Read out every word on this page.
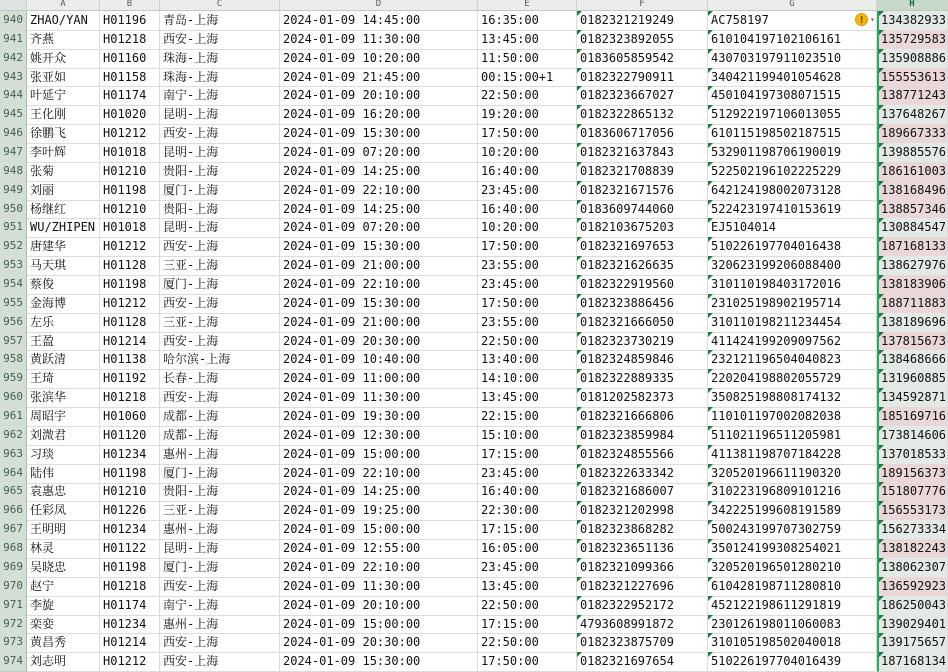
A	B	C	D	E	F	G	H
940 ZHAO/YAN	H01196	青岛-上海	2024-01-09 14:45:00	16:35:00	0182321219249	AC758197	! ▾ 134382933
941 齐燕	H01218	西安-上海	2024-01-09 11:30:00	13:45:00	0182323892055	610104197102106161	135729583
942 姚开众	H01160	珠海-上海	2024-01-09 10:20:00	11:50:00	0183605859542	430703197911023510	135908886
943 张亚如	H01158	珠海-上海	2024-01-09 21:45:00	00:15:00+1	0182322790911	340421199401054628	155553613
944 叶延宁	H01174	南宁-上海	2024-01-09 20:10:00	22:50:00	0182323667027	450104197308071515	138771243
945 王化刚	H01020	昆明-上海	2024-01-09 16:20:00	19:20:00	0182322865132	512922197106013055	137648267
946 徐鹏飞	H01212	西安-上海	2024-01-09 15:30:00	17:50:00	0183606717056	610115198502187515	189667333
947 李叶辉	H01018	昆明-上海	2024-01-09 07:20:00	10:20:00	0182321637843	532901198706190019	139885576
948 张菊	H01210	贵阳-上海	2024-01-09 14:25:00	16:40:00	0182321708839	522502196102225229	186161003
949 刘丽	H01198	厦门-上海	2024-01-09 22:10:00	23:45:00	0182321671576	642124198002073128	138168496
950 杨继红	H01210	贵阳-上海	2024-01-09 14:25:00	16:40:00	0183609744060	522423197410153619	138857346
951 WU/ZHIPEN H01018	昆明-上海	2024-01-09 07:20:00	10:20:00	0182103675203	EJ5104014	130884547
952 唐建华	H01212	西安-上海	2024-01-09 15:30:00	17:50:00	0182321697653	510226197704016438	187168133
953 马天琪	H01128	三亚-上海	2024-01-09 21:00:00	23:55:00	0182321626635	320623199206088400	138627976
954 蔡俊	H01198	厦门-上海	2024-01-09 22:10:00	23:45:00	0182322919560	310110198403172016	138183906
955 金海博	H01212	西安-上海	2024-01-09 15:30:00	17:50:00	0182323886456	231025198902195714	188711883
956 左乐	H01128	三亚-上海	2024-01-09 21:00:00	23:55:00	0182321666050	310110198211234454	138189696
957 王盈	H01214	西安-上海	2024-01-09 20:30:00	22:50:00	0182323730219	411424199209097562	137815673
958 黄跃清	H01138	哈尔滨-上海	2024-01-09 10:40:00	13:40:00	0182324859846	232121196504040823	138468666
959 王琦	H01192	长春-上海	2024-01-09 11:00:00	14:10:00	0182322889335	220204198802055729	131960885
960 张滨华	H01218	西安-上海	2024-01-09 11:30:00	13:45:00	0181202582373	350825198808174132	134592871
961 周昭宇	H01060	成都-上海	2024-01-09 19:30:00	22:15:00	0182321666806	110101197002082038	185169716
962 刘溦君	H01120	成都-上海	2024-01-09 12:30:00	15:10:00	0182323859984	511021196511205981	173814606
963 习琰	H01234	惠州-上海	2024-01-09 15:00:00	17:15:00	0182324855566	411381198707184228	137018533
964 陆伟	H01198	厦门-上海	2024-01-09 22:10:00	23:45:00	0182322633342	320520196611190320	189156373
965 袁惠忠	H01210	贵阳-上海	2024-01-09 14:25:00	16:40:00	0182321686007	310223196809101216	151807776
966 任彩凤	H01226	三亚-上海	2024-01-09 19:25:00	22:30:00	0182321202998	342225199608191589	156553173
967 王明明	H01234	惠州-上海	2024-01-09 15:00:00	17:15:00	0182323868282	500243199707302759	156273334
968 林灵	H01122	昆明-上海	2024-01-09 12:55:00	16:05:00	0182323651136	350124199308254021	138182243
969 吴晓忠	H01198	厦门-上海	2024-01-09 22:10:00	23:45:00	0182321099366	320520196501280210	138062307
970 赵宁	H01218	西安-上海	2024-01-09 11:30:00	13:45:00	0182321227696	610428198711280810	136592923
971 李旋	H01174	南宁-上海	2024-01-09 20:10:00	22:50:00	0182322952172	452122198611291819	186250043
972 栾娈	H01234	惠州-上海	2024-01-09 15:00:00	17:15:00	4793608991872	230126198011060083	139029401
973 黄昌秀	H01214	西安-上海	2024-01-09 20:30:00	22:50:00	0182323875709	310105198502040018	139175657
974 刘志明	H01212	西安-上海	2024-01-09 15:30:00	17:50:00	0182321697654	510226197704016439	187168134
